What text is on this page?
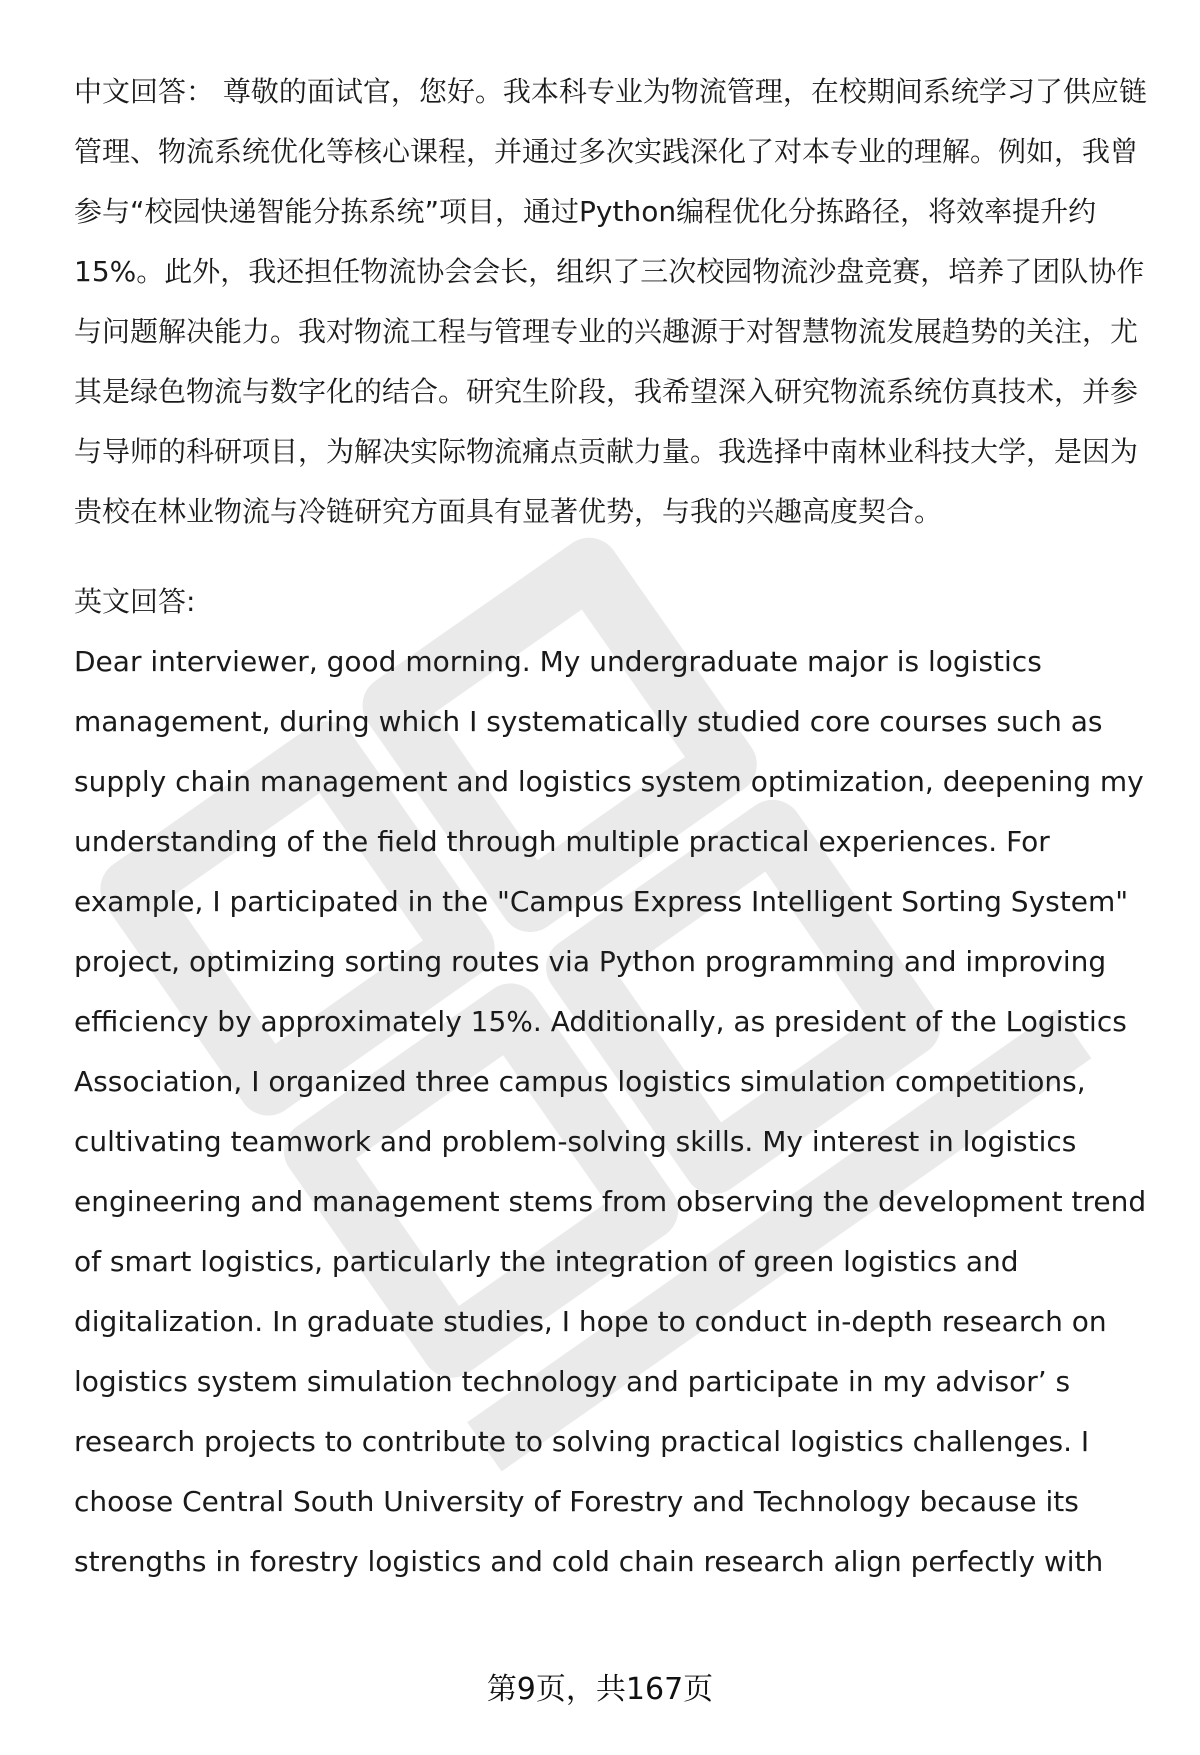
中文回答： 尊敬的面试官，您好。我本科专业为物流管理，在校期间系统学习了供应链管理、物流系统优化等核心课程，并通过多次实践深化了对本专业的理解。例如，我曾参与“校园快递智能分拣系统”项目，通过Python编程优化分拣路径，将效率提升约15%。此外，我还担任物流协会会长，组织了三次校园物流沙盘竞赛，培养了团队协作与问题解决能力。我对物流工程与管理专业的兴趣源于对智慧物流发展趋势的关注，尤其是绿色物流与数字化的结合。研究生阶段，我希望深入研究物流系统仿真技术，并参与导师的科研项目，为解决实际物流痛点贡献力量。我选择中南林业科技大学，是因为贵校在林业物流与冷链研究方面具有显著优势，与我的兴趣高度契合。

英文回答:

Dear interviewer, good morning. My undergraduate major is logistics management, during which I systematically studied core courses such as supply chain management and logistics system optimization, deepening my understanding of the field through multiple practical experiences. For example, I participated in the "Campus Express Intelligent Sorting System" project, optimizing sorting routes via Python programming and improving efficiency by approximately 15%. Additionally, as president of the Logistics Association, I organized three campus logistics simulation competitions, cultivating teamwork and problem-solving skills. My interest in logistics engineering and management stems from observing the development trend of smart logistics, particularly the integration of green logistics and digitalization. In graduate studies, I hope to conduct in-depth research on logistics system simulation technology and participate in my advisor’ s research projects to contribute to solving practical logistics challenges. I choose Central South University of Forestry and Technology because its strengths in forestry logistics and cold chain research align perfectly with

第9页，共167页
